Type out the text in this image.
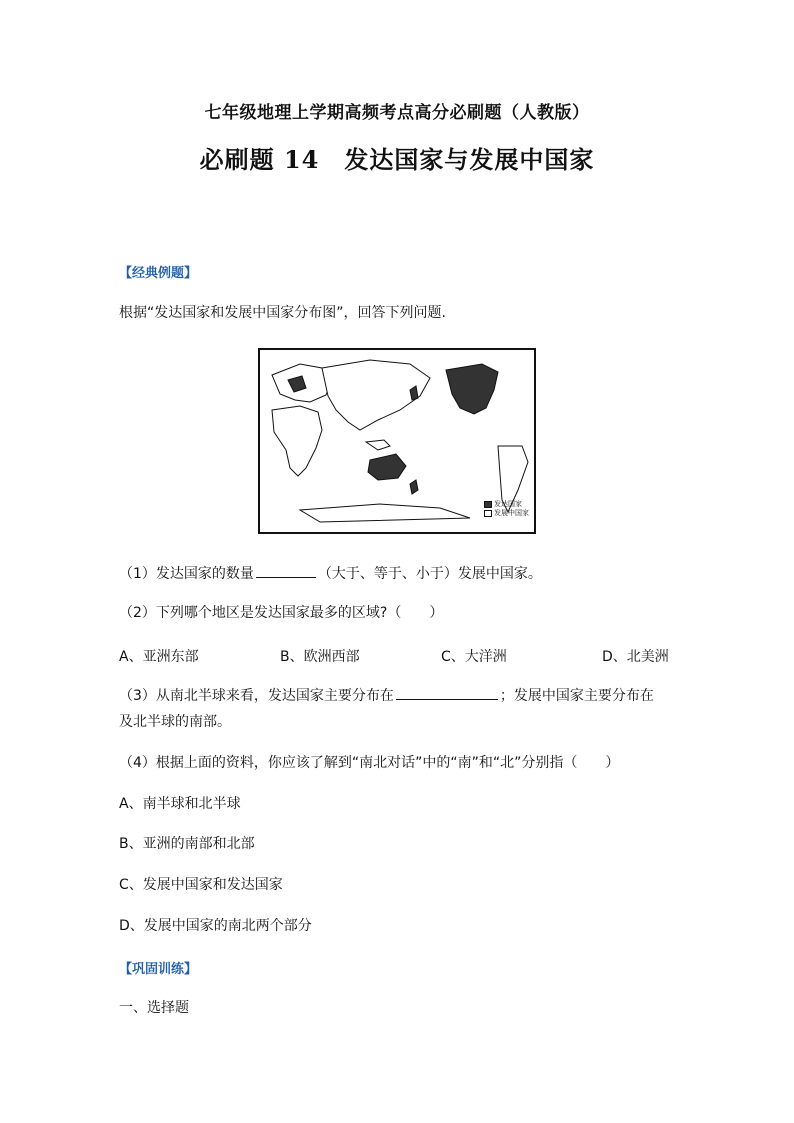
七年级地理上学期高频考点高分必刷题（人教版）
必刷题 14　发达国家与发展中国家
【经典例题】
根据“发达国家和发展中国家分布图”，回答下列问题.
发达国家
发展中国家
（1）发达国家的数量	（大于、等于、小于）发展中国家。
（2）下列哪个地区是发达国家最多的区域?（　　）
A、亚洲东部	B、欧洲西部	C、大洋洲	D、北美洲
（3）从南北半球来看，发达国家主要分布在	；发展中国家主要分布在
及北半球的南部。
（4）根据上面的资料，你应该了解到“南北对话”中的“南”和“北”分别指（　　）
A、南半球和北半球
B、亚洲的南部和北部
C、发展中国家和发达国家
D、发展中国家的南北两个部分
【巩固训练】
一、选择题
